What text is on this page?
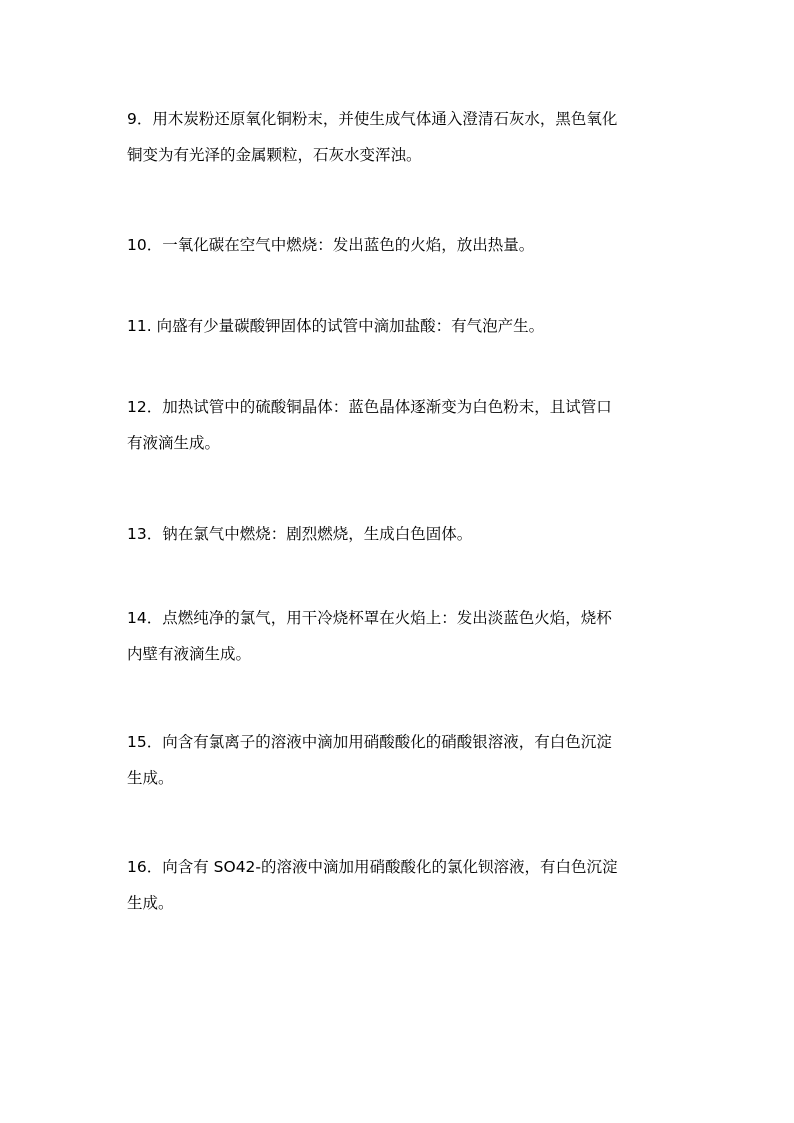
9．用木炭粉还原氧化铜粉末，并使生成气体通入澄清石灰水，黑色氧化
铜变为有光泽的金属颗粒，石灰水变浑浊。
10．一氧化碳在空气中燃烧：发出蓝色的火焰，放出热量。
11. 向盛有少量碳酸钾固体的试管中滴加盐酸：有气泡产生。
12．加热试管中的硫酸铜晶体：蓝色晶体逐渐变为白色粉末，且试管口
有液滴生成。
13．钠在氯气中燃烧：剧烈燃烧，生成白色固体。
14．点燃纯净的氯气，用干冷烧杯罩在火焰上：发出淡蓝色火焰，烧杯
内壁有液滴生成。
15．向含有氯离子的溶液中滴加用硝酸酸化的硝酸银溶液，有白色沉淀
生成。
16．向含有 SO42-的溶液中滴加用硝酸酸化的氯化钡溶液，有白色沉淀
生成。
